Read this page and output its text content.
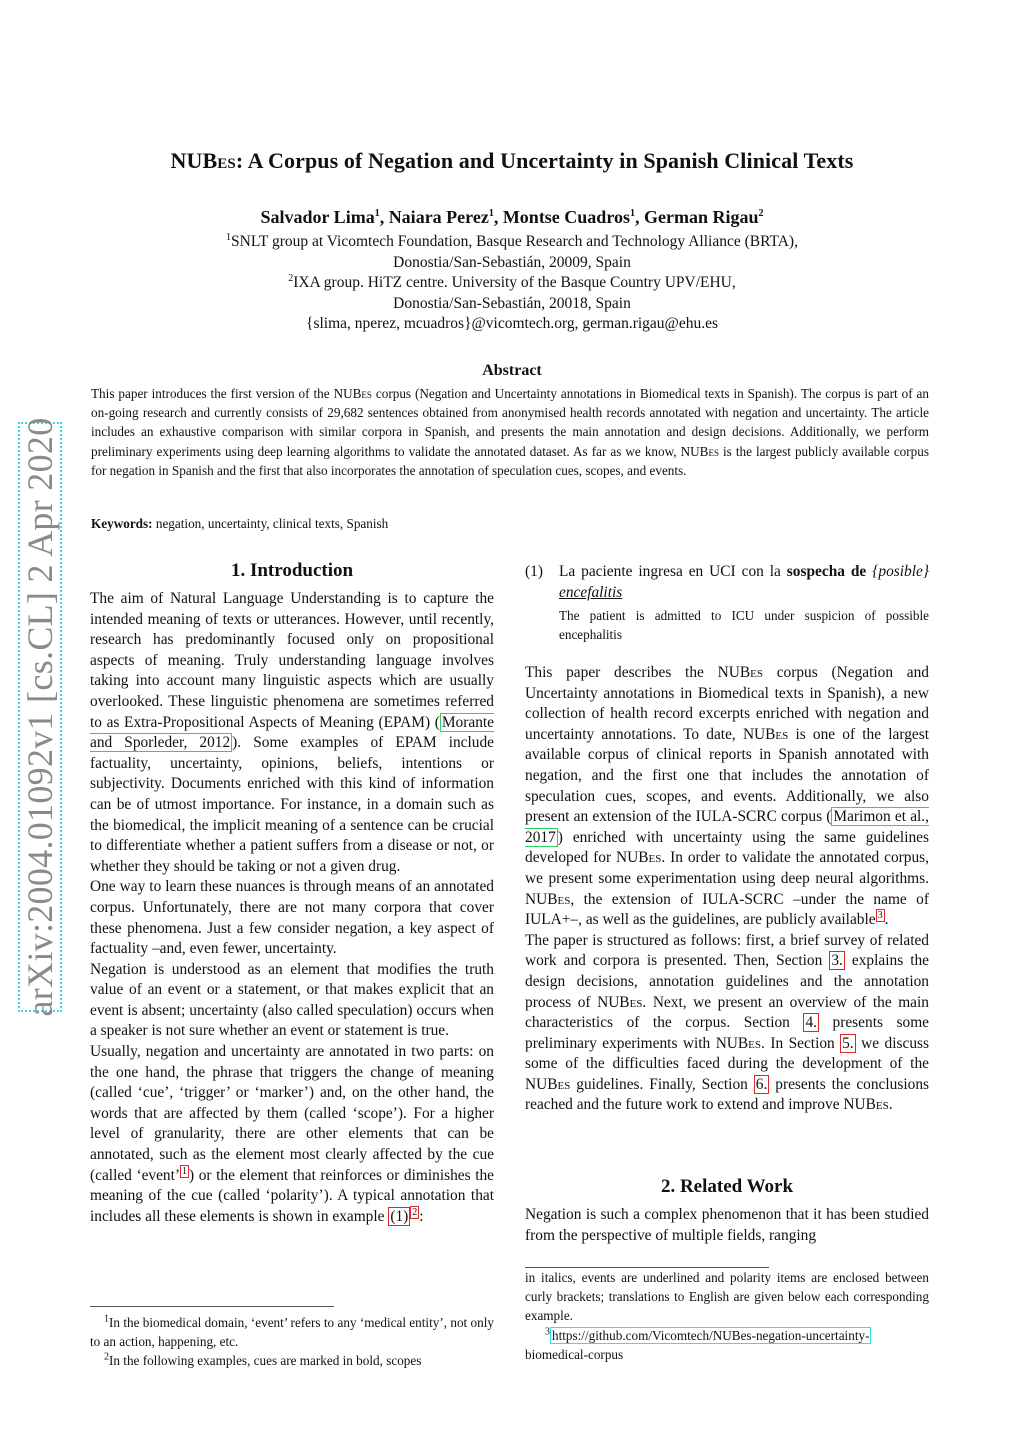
arXiv:2004.01092v1 [cs.CL] 2 Apr 2020
NUBes: A Corpus of Negation and Uncertainty in Spanish Clinical Texts
Salvador Lima$^1$, Naiara Perez$^1$, Montse Cuadros$^1$, German Rigau$^2$
$^1$SNLT group at Vicomtech Foundation, Basque Research and Technology Alliance (BRTA),
Donostia/San-Sebastián, 20009, Spain
$^2$IXA group. HiTZ centre. University of the Basque Country UPV/EHU,
Donostia/San-Sebastián, 20018, Spain
{slima, nperez, mcuadros}@vicomtech.org, german.rigau@ehu.es
Abstract
This paper introduces the first version of the NUBes corpus (Negation and Uncertainty annotations in Biomedical texts in Spanish). The corpus is part of an on-going research and currently consists of 29,682 sentences obtained from anonymised health records annotated with negation and uncertainty. The article includes an exhaustive comparison with similar corpora in Spanish, and presents the main annotation and design decisions. Additionally, we perform preliminary experiments using deep learning algorithms to validate the annotated dataset. As far as we know, NUBes is the largest publicly available corpus for negation in Spanish and the first that also incorporates the annotation of speculation cues, scopes, and events.
Keywords: negation, uncertainty, clinical texts, Spanish
1. Introduction

The aim of Natural Language Understanding is to capture the intended meaning of texts or utterances. However, until recently, research has predominantly focused only on propositional aspects of meaning. Truly understanding language involves taking into account many linguistic aspects which are usually overlooked. These linguistic phenomena are sometimes referred to as Extra-Propositional Aspects of Meaning (EPAM) ( Morante and Sporleder, 2012 ). Some examples of EPAM include factuality, uncertainty, opinions, beliefs, intentions or subjectivity. Documents enriched with this kind of information can be of utmost importance. For instance, in a domain such as the biomedical, the implicit meaning of a sentence can be crucial to differentiate whether a patient suffers from a disease or not, or whether they should be taking or not a given drug.

One way to learn these nuances is through means of an annotated corpus. Unfortunately, there are not many corpora that cover these phenomena. Just a few consider negation, a key aspect of factuality –and, even fewer, uncertainty.

Negation is understood as an element that modifies the truth value of an event or a statement, or that makes explicit that an event is absent; uncertainty (also called speculation) occurs when a speaker is not sure whether an event or statement is true.

Usually, negation and uncertainty are annotated in two parts: on the one hand, the phrase that triggers the change of meaning (called ‘cue’, ‘trigger’ or ‘marker’) and, on the other hand, the words that are affected by them (called ‘scope’). For a higher level of granularity, there are other elements that can be annotated, such as the element most clearly affected by the cue (called ‘event’ $^1$ ) or the element that reinforces or diminishes the meaning of the cue (called ‘polarity’). A typical annotation that includes all these elements is shown in example (1) $^2$ :

$^1$In the biomedical domain, ‘event’ refers to any ‘medical entity’, not only to an action, happening, etc.
$^2$In the following examples, cues are marked in bold, scopes
(1)	La paciente ingresa en UCI con la sospecha de {posible} encefalitis
The patient is admitted to ICU under suspicion of possible encephalitis

This paper describes the NUBes corpus (Negation and Uncertainty annotations in Biomedical texts in Spanish), a new collection of health record excerpts enriched with negation and uncertainty annotations. To date, NUBes is one of the largest available corpus of clinical reports in Spanish annotated with negation, and the first one that includes the annotation of speculation cues, scopes, and events. Additionally, we also present an extension of the IULA-SCRC corpus ( Marimon et al., 2017 ) enriched with uncertainty using the same guidelines developed for NUBes. In order to validate the annotated corpus, we present some experimentation using deep neural algorithms. NUBes, the extension of IULA-SCRC –under the name of IULA+–, as well as the guidelines, are publicly available $^3$ .

The paper is structured as follows: first, a brief survey of related work and corpora is presented. Then, Section 3. explains the design decisions, annotation guidelines and the annotation process of NUBes. Next, we present an overview of the main characteristics of the corpus. Section 4. presents some preliminary experiments with NUBes. In Section 5. we discuss some of the difficulties faced during the development of the NUBes guidelines. Finally, Section 6. presents the conclusions reached and the future work to extend and improve NUBes.

2. Related Work
Negation is such a complex phenomenon that it has been studied from the perspective of multiple fields, ranging
in italics, events are underlined and polarity items are enclosed between curly brackets; translations to English are given below each corresponding example.
$^3$ https://github.com/Vicomtech/NUBes-negation-uncertainty-
biomedical-corpus
